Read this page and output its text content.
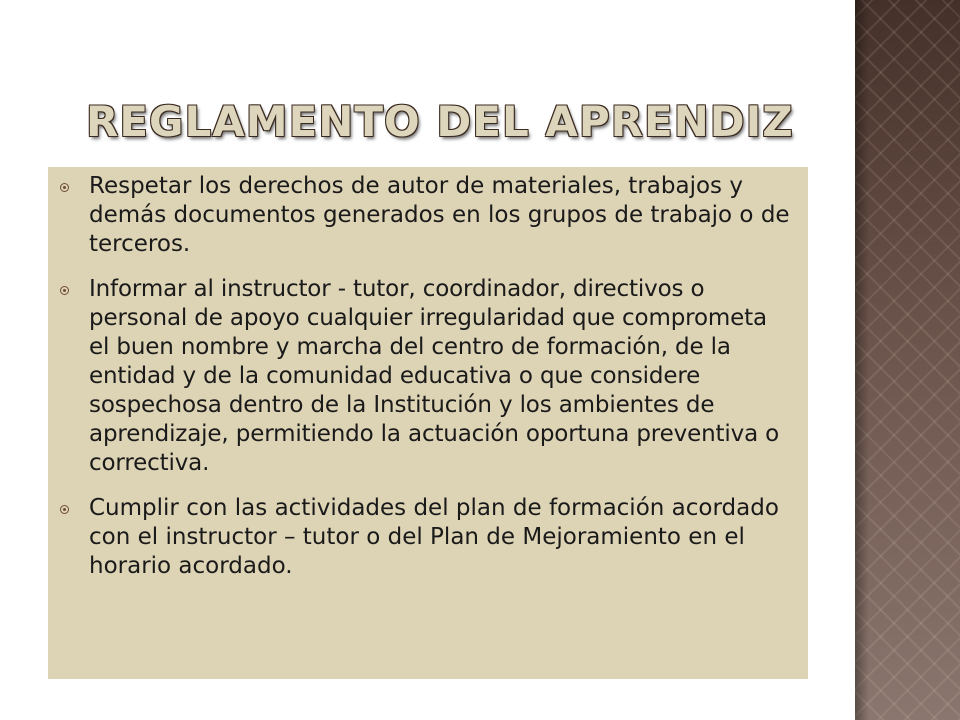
REGLAMENTO DEL APRENDIZ
Respetar los derechos de autor de materiales, trabajos y demás documentos generados en los grupos de trabajo o de terceros.
Informar al instructor - tutor, coordinador, directivos o personal de apoyo cualquier irregularidad que comprometa el buen nombre y marcha del centro de formación, de la entidad y de la comunidad educativa o que considere sospechosa dentro de la Institución y los ambientes de aprendizaje, permitiendo la actuación oportuna preventiva o correctiva.
Cumplir con las actividades del plan de formación acordado con el instructor – tutor o del Plan de Mejoramiento en el horario acordado.
